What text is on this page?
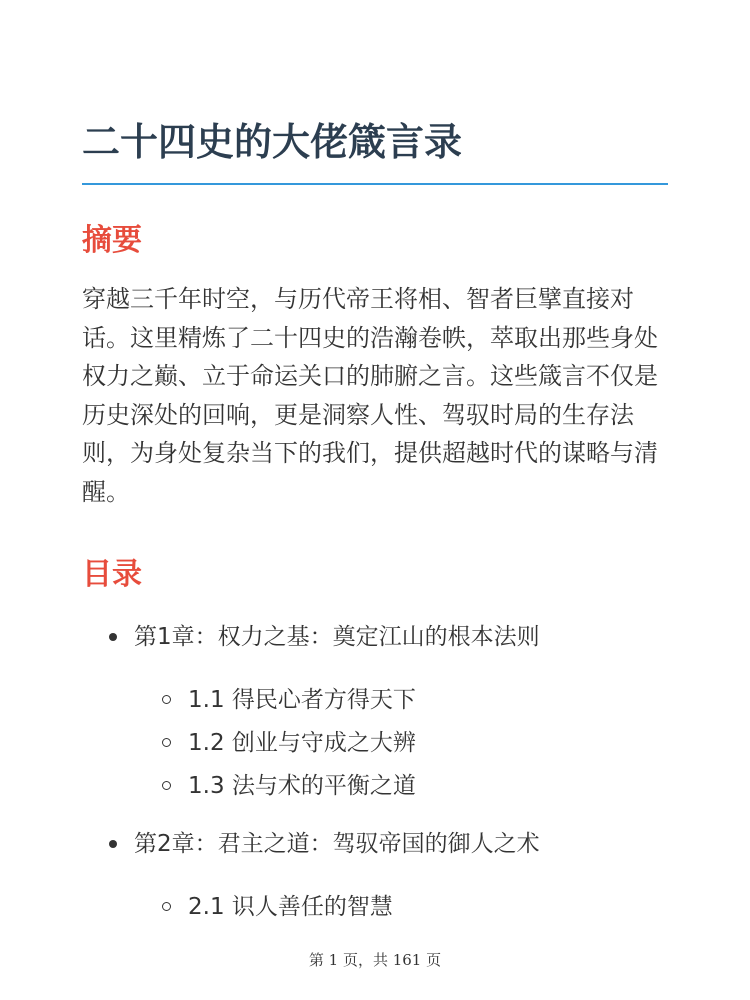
二十四史的大佬箴言录
摘要

穿越三千年时空，与历代帝王将相、智者巨擘直接对话。这里精炼了二十四史的浩瀚卷帙，萃取出那些身处权力之巅、立于命运关口的肺腑之言。这些箴言不仅是历史深处的回响，更是洞察人性、驾驭时局的生存法则，为身处复杂当下的我们，提供超越时代的谋略与清醒。

目录
第1章：权力之基：奠定江山的根本法则
1.1 得民心者方得天下
1.2 创业与守成之大辨
1.3 法与术的平衡之道
第2章：君主之道：驾驭帝国的御人之术
2.1 识人善任的智慧
第 1 页，共 161 页
